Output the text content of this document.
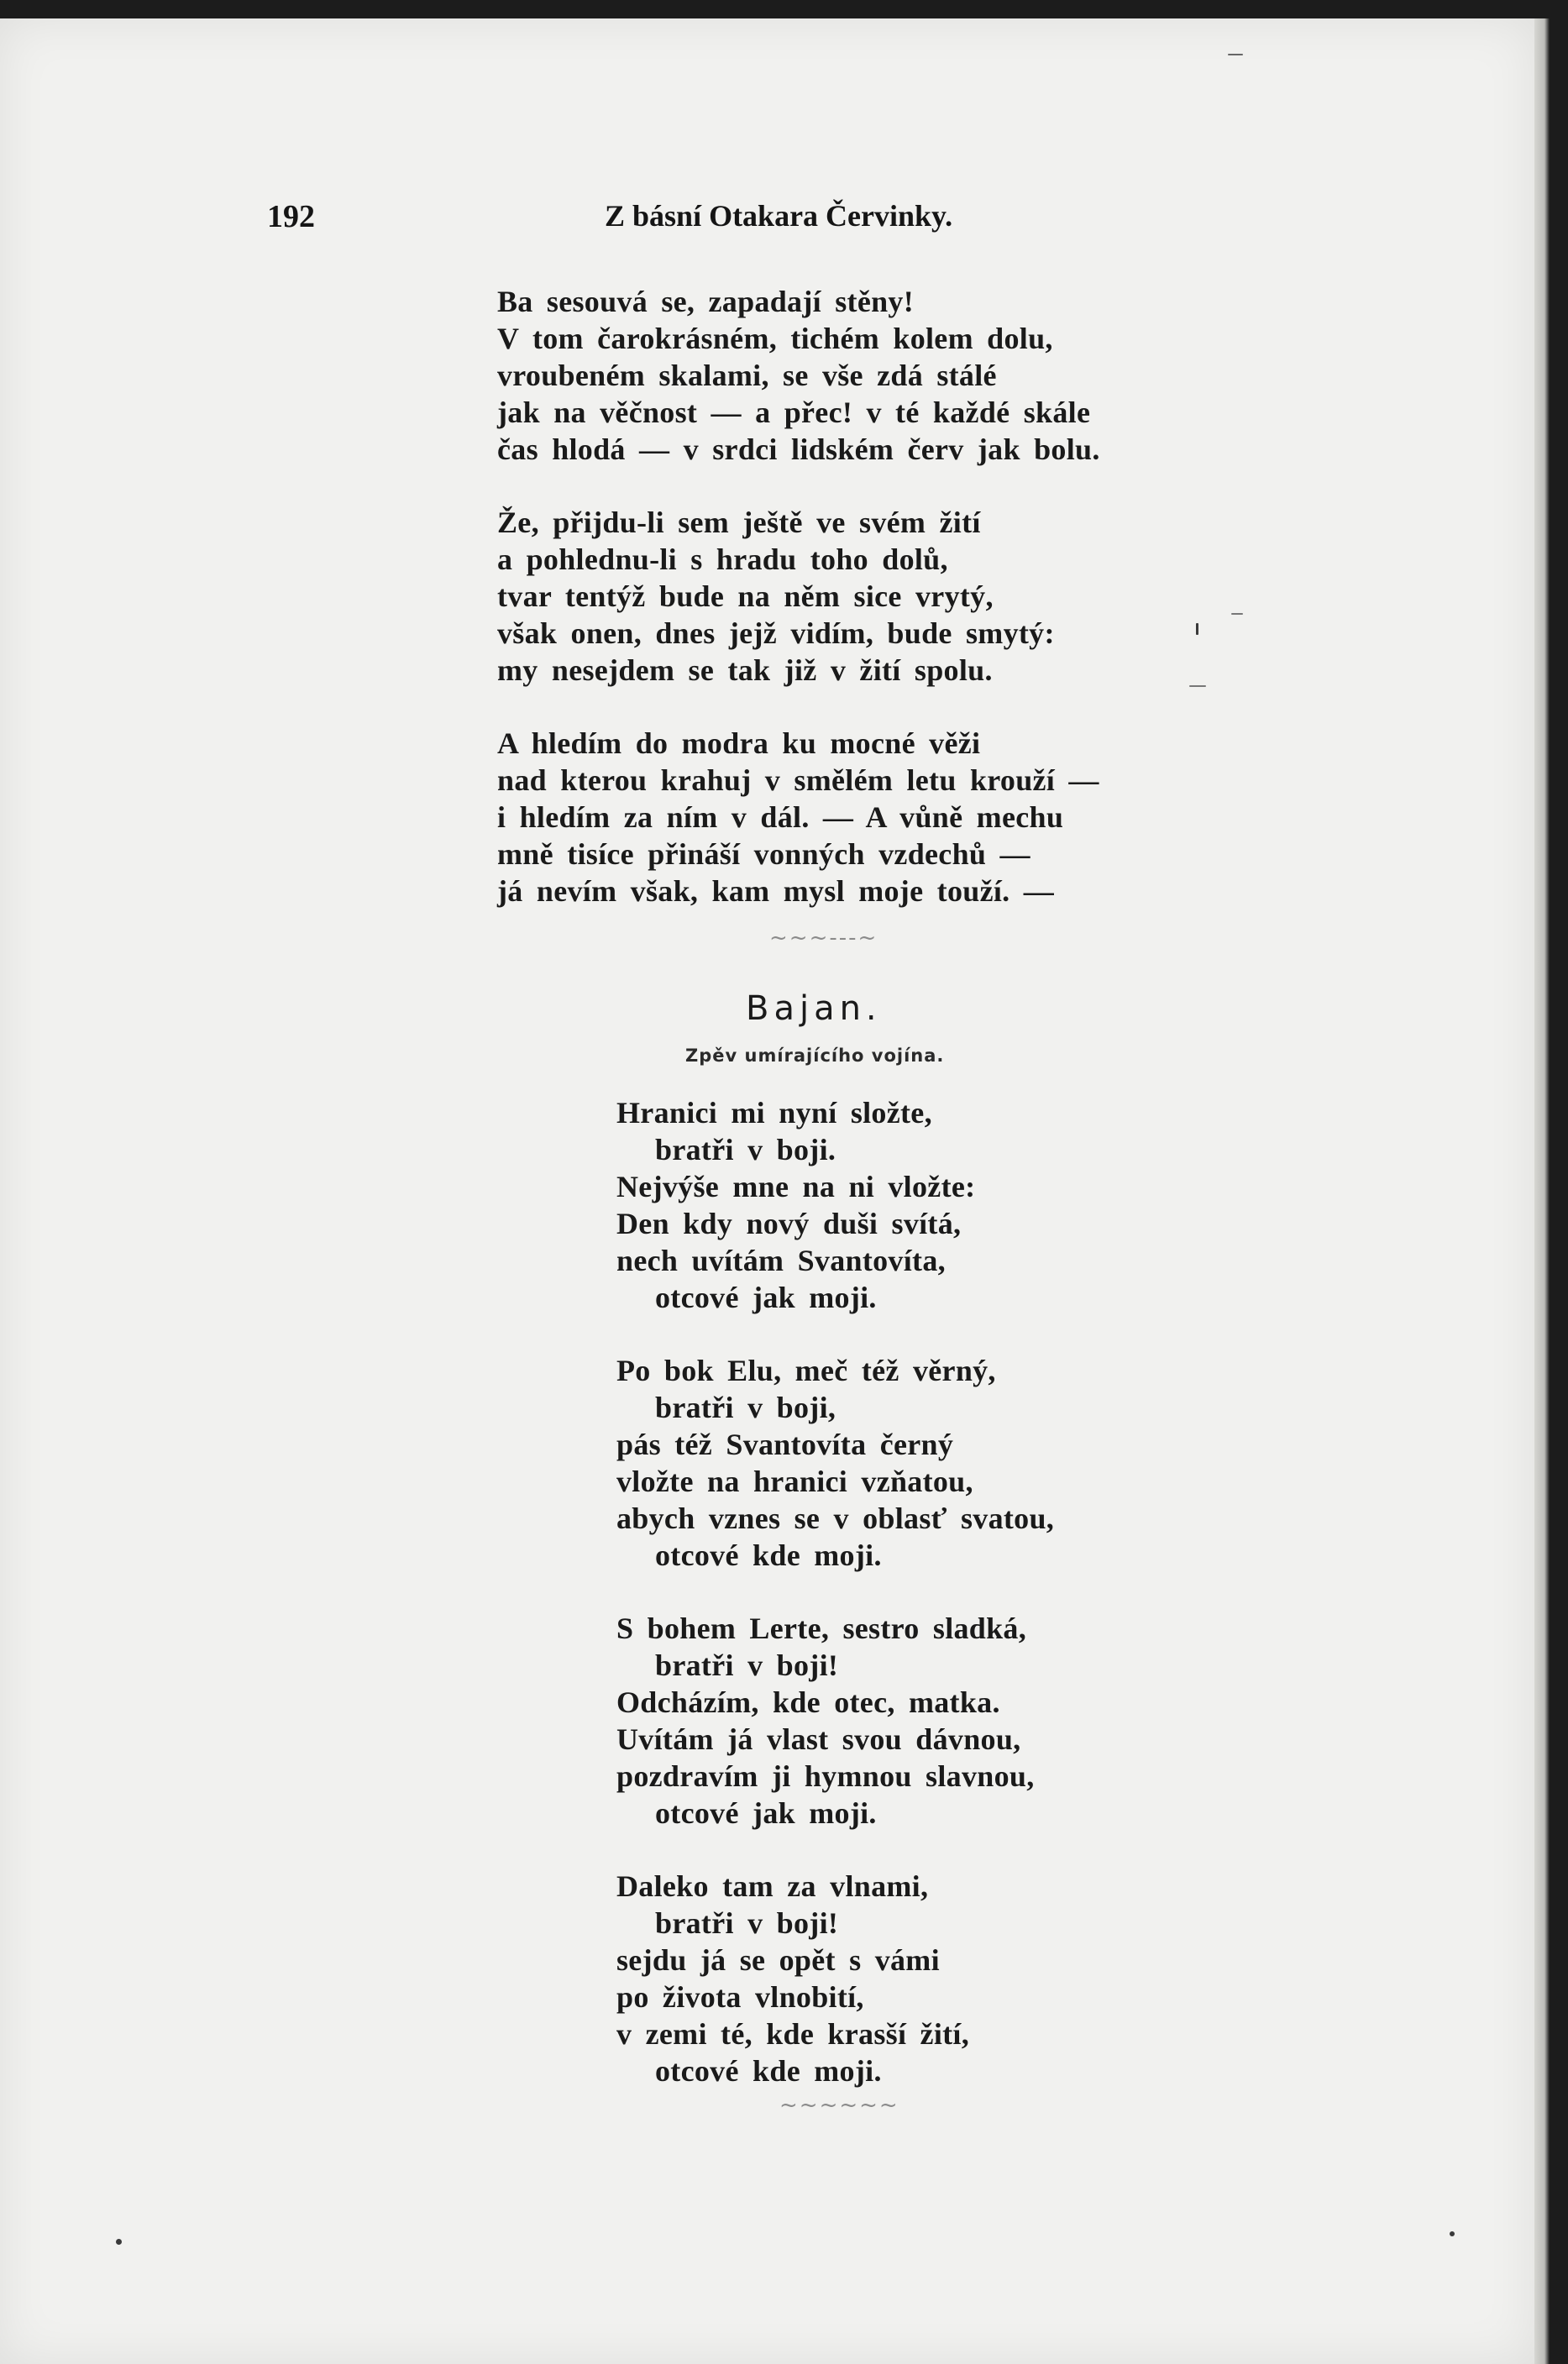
192	Z básní Otakara Červinky.
Ba sesouvá se, zapadají stěny!
V tom čarokrásném, tichém kolem dolu,
vroubeném skalami, se vše zdá stálé
jak na věčnost — a přec! v té každé skále
čas hlodá — v srdci lidském červ jak bolu.
Že, přijdu-li sem ještě ve svém žití
a pohlednu-li s hradu toho dolů,
tvar tentýž bude na něm sice vrytý,
však onen, dnes jejž vidím, bude smytý:
my nesejdem se tak již v žití spolu.
A hledím do modra ku mocné věži
nad kterou krahuj v smělém letu krouží —
i hledím za ním v dál. — A vůně mechu
mně tisíce přináší vonných vzdechů —
já nevím však, kam mysl moje touží. —
~~~---~
Bajan.
Zpěv umírajícího vojína.
Hranici mi nyní složte,
bratři v boji.
Nejvýše mne na ni vložte:
Den kdy nový duši svítá,
nech uvítám Svantovíta,
otcové jak moji.
Po bok Elu, meč též věrný,
bratři v boji,
pás též Svantovíta černý
vložte na hranici vzňatou,
abych vznes se v oblasť svatou,
otcové kde moji.
S bohem Lerte, sestro sladká,
bratři v boji!
Odcházím, kde otec, matka.
Uvítám já vlast svou dávnou,
pozdravím ji hymnou slavnou,
otcové jak moji.
Daleko tam za vlnami,
bratři v boji!
sejdu já se opět s vámi
po života vlnobití,
v zemi té, kde krasší žití,
otcové kde moji.
~~~~~~
